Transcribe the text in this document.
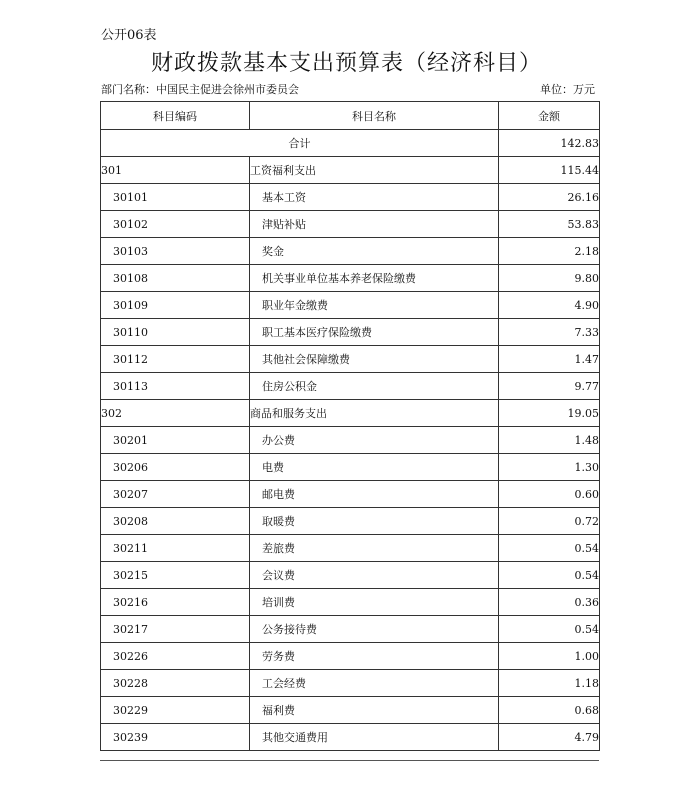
公开06表
财政拨款基本支出预算表（经济科目）
部门名称：中国民主促进会徐州市委员会	单位：万元
科目编码	科目名称	金额
合计		142.83
301	工资福利支出	115.44
30101	基本工资	26.16
30102	津贴补贴	53.83
30103	奖金	2.18
30108	机关事业单位基本养老保险缴费	9.80
30109	职业年金缴费	4.90
30110	职工基本医疗保险缴费	7.33
30112	其他社会保障缴费	1.47
30113	住房公积金	9.77
302	商品和服务支出	19.05
30201	办公费	1.48
30206	电费	1.30
30207	邮电费	0.60
30208	取暖费	0.72
30211	差旅费	0.54
30215	会议费	0.54
30216	培训费	0.36
30217	公务接待费	0.54
30226	劳务费	1.00
30228	工会经费	1.18
30229	福利费	0.68
30239	其他交通费用	4.79
